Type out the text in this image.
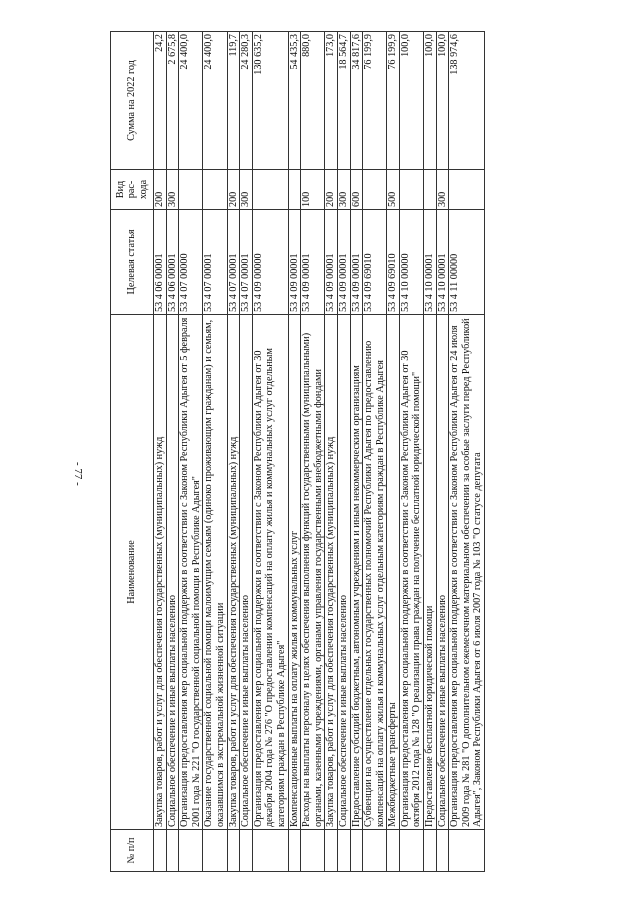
- 77 -
№ п/п	Наименование	Целевая статья	Вид рас-хода	Сумма на 2022 год
	Закупка товаров, работ и услуг для обеспечения государственных (муниципальных) нужд	53 4 06 00001	200	24,2
	Социальное обеспечение и иные выплаты населению	53 4 06 00001	300	2 675,8
	Организация предоставления мер социальной поддержки в соответствии с Законом Республики Адыгея от 5 февраля 2001 года № 221 "О государственной социальной помощи в Республике Адыгея"	53 4 07 00000		24 400,0
	Оказание государственной социальной помощи малоимущим семьям (одиноко проживающим гражданам) и семьям, оказавшимся в экстремальной жизненной ситуации	53 4 07 00001		24 400,0
	Закупка товаров, работ и услуг для обеспечения государственных (муниципальных) нужд	53 4 07 00001	200	119,7
	Социальное обеспечение и иные выплаты населению	53 4 07 00001	300	24 280,3
	Организация предоставления мер социальной поддержки в соответствии с Законом Республики Адыгея от 30 декабря 2004 года № 276 "О предоставлении компенсаций на оплату жилья и коммунальных услуг отдельным категориям граждан в Республике Адыгея"	53 4 09 00000		130 635,2
	Компенсационные выплаты на оплату жилья и коммунальных услуг	53 4 09 00001		54 435,3
	Расходы на выплаты персоналу в целях обеспечения выполнения функций государственными (муниципальными) органами, казенными учреждениями, органами управления государственными внебюджетными фондами	53 4 09 00001	100	880,0
	Закупка товаров, работ и услуг для обеспечения государственных (муниципальных) нужд	53 4 09 00001	200	173,0
	Социальное обеспечение и иные выплаты населению	53 4 09 00001	300	18 564,7
	Предоставление субсидий бюджетным, автономным учреждениям и иным некоммерческим организациям	53 4 09 00001	600	34 817,6
	Субвенции на осуществление отдельных государственных полномочий Республики Адыгея по предоставлению компенсаций на оплату жилья и коммунальных услуг отдельным категориям граждан в Республике Адыгея	53 4 09 69010		76 199,9
	Межбюджетные трансферты	53 4 09 69010	500	76 199,9
	Организация предоставления мер социальной поддержки в соответствии с Законом Республики Адыгея от 30 октября 2012 года № 128 "О реализации права граждан на получение бесплатной юридической помощи"	53 4 10 00000		100,0
	Предоставление бесплатной юридической помощи	53 4 10 00001		100,0
	Социальное обеспечение и иные выплаты населению	53 4 10 00001	300	100,0
	Организация предоставления мер социальной поддержки в соответствии с Законом Республики Адыгея от 24 июля 2009 года № 281 "О дополнительном ежемесячном материальном обеспечении за особые заслуги перед Республикой Адыгея", Законом Республики Адыгея от 6 июля 2007 года № 103 "О статусе депутата	53 4 11 00000		138 974,6
